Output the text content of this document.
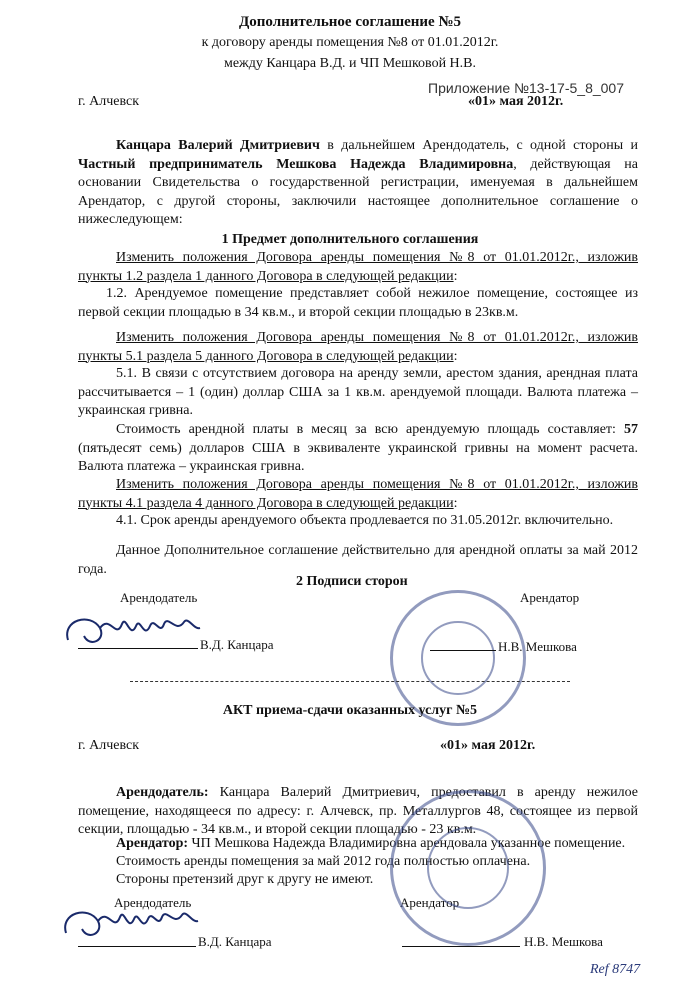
Дополнительное соглашение №5
к договору аренды помещения №8 от 01.01.2012г.
между Канцара В.Д. и ЧП Мешковой Н.В.
Приложение №13-17-5_8_007
г. Алчевск	«01» мая 2012г.
Канцара Валерий Дмитриевич в дальнейшем Арендодатель, с одной стороны и Частный предприниматель Мешкова Надежда Владимировна, действующая на основании Свидетельства о государственной регистрации, именуемая в дальнейшем Арендатор, с другой стороны, заключили настоящее дополнительное соглашение о нижеследующем:
1 Предмет дополнительного соглашения
Изменить положения Договора аренды помещения №8 от 01.01.2012г., изложив пункты 1.2 раздела 1 данного Договора в следующей редакции:
1.2. Арендуемое помещение представляет собой нежилое помещение, состоящее из первой секции площадью в 34 кв.м., и второй секции площадью в 23кв.м.
Изменить положения Договора аренды помещения №8 от 01.01.2012г., изложив пункты 5.1 раздела 5 данного Договора в следующей редакции:
5.1. В связи с отсутствием договора на аренду земли, арестом здания, арендная плата рассчитывается – 1 (один) доллар США за 1 кв.м. арендуемой площади. Валюта платежа – украинская гривна.
Стоимость арендной платы в месяц за всю арендуемую площадь составляет: 57 (пятьдесят семь) долларов США в эквиваленте украинской гривны на момент расчета. Валюта платежа – украинская гривна.
Изменить положения Договора аренды помещения №8 от 01.01.2012г., изложив пункты 4.1 раздела 4 данного Договора в следующей редакции:
4.1. Срок аренды арендуемого объекта продлевается по 31.05.2012г. включительно.
Данное Дополнительное соглашение действительно для арендной оплаты за май 2012 года.
2 Подписи сторон
Арендодатель	Арендатор
В.Д. Канцара	Н.В. Мешкова
АКТ приема-сдачи оказанных услуг №5
г. Алчевск	«01» мая 2012г.
Арендодатель: Канцара Валерий Дмитриевич, предоставил в аренду нежилое помещение, находящееся по адресу: г. Алчевск, пр. Металлургов 48, состоящее из первой секции, площадью - 34 кв.м., и второй секции площадью - 23 кв.м.
Арендатор: ЧП Мешкова Надежда Владимировна арендовала указанное помещение.
Стоимость аренды помещения за май 2012 года полностью оплачена.
Стороны претензий друг к другу не имеют.
Арендодатель	Арендатор
В.Д. Канцара	Н.В. Мешкова
Ref 8747
